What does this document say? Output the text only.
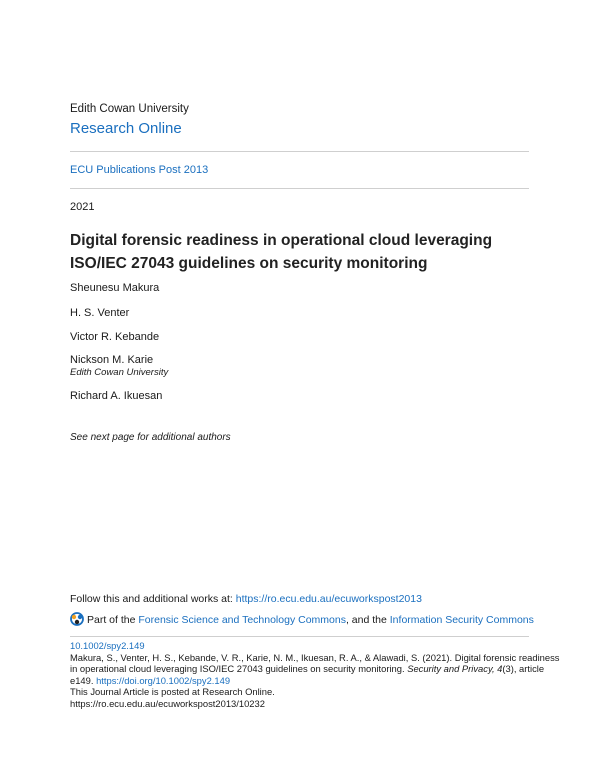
Edith Cowan University
Research Online
ECU Publications Post 2013
2021
Digital forensic readiness in operational cloud leveraging ISO/IEC 27043 guidelines on security monitoring
Sheunesu Makura
H. S. Venter
Victor R. Kebande
Nickson M. Karie
Edith Cowan University
Richard A. Ikuesan
See next page for additional authors
Follow this and additional works at: https://ro.ecu.edu.au/ecuworkspost2013
Part of the Forensic Science and Technology Commons, and the Information Security Commons
10.1002/spy2.149
Makura, S., Venter, H. S., Kebande, V. R., Karie, N. M., Ikuesan, R. A., & Alawadi, S. (2021). Digital forensic readiness
in operational cloud leveraging ISO/IEC 27043 guidelines on security monitoring. Security and Privacy, 4(3), article
e149. https://doi.org/10.1002/spy2.149
This Journal Article is posted at Research Online.
https://ro.ecu.edu.au/ecuworkspost2013/10232
